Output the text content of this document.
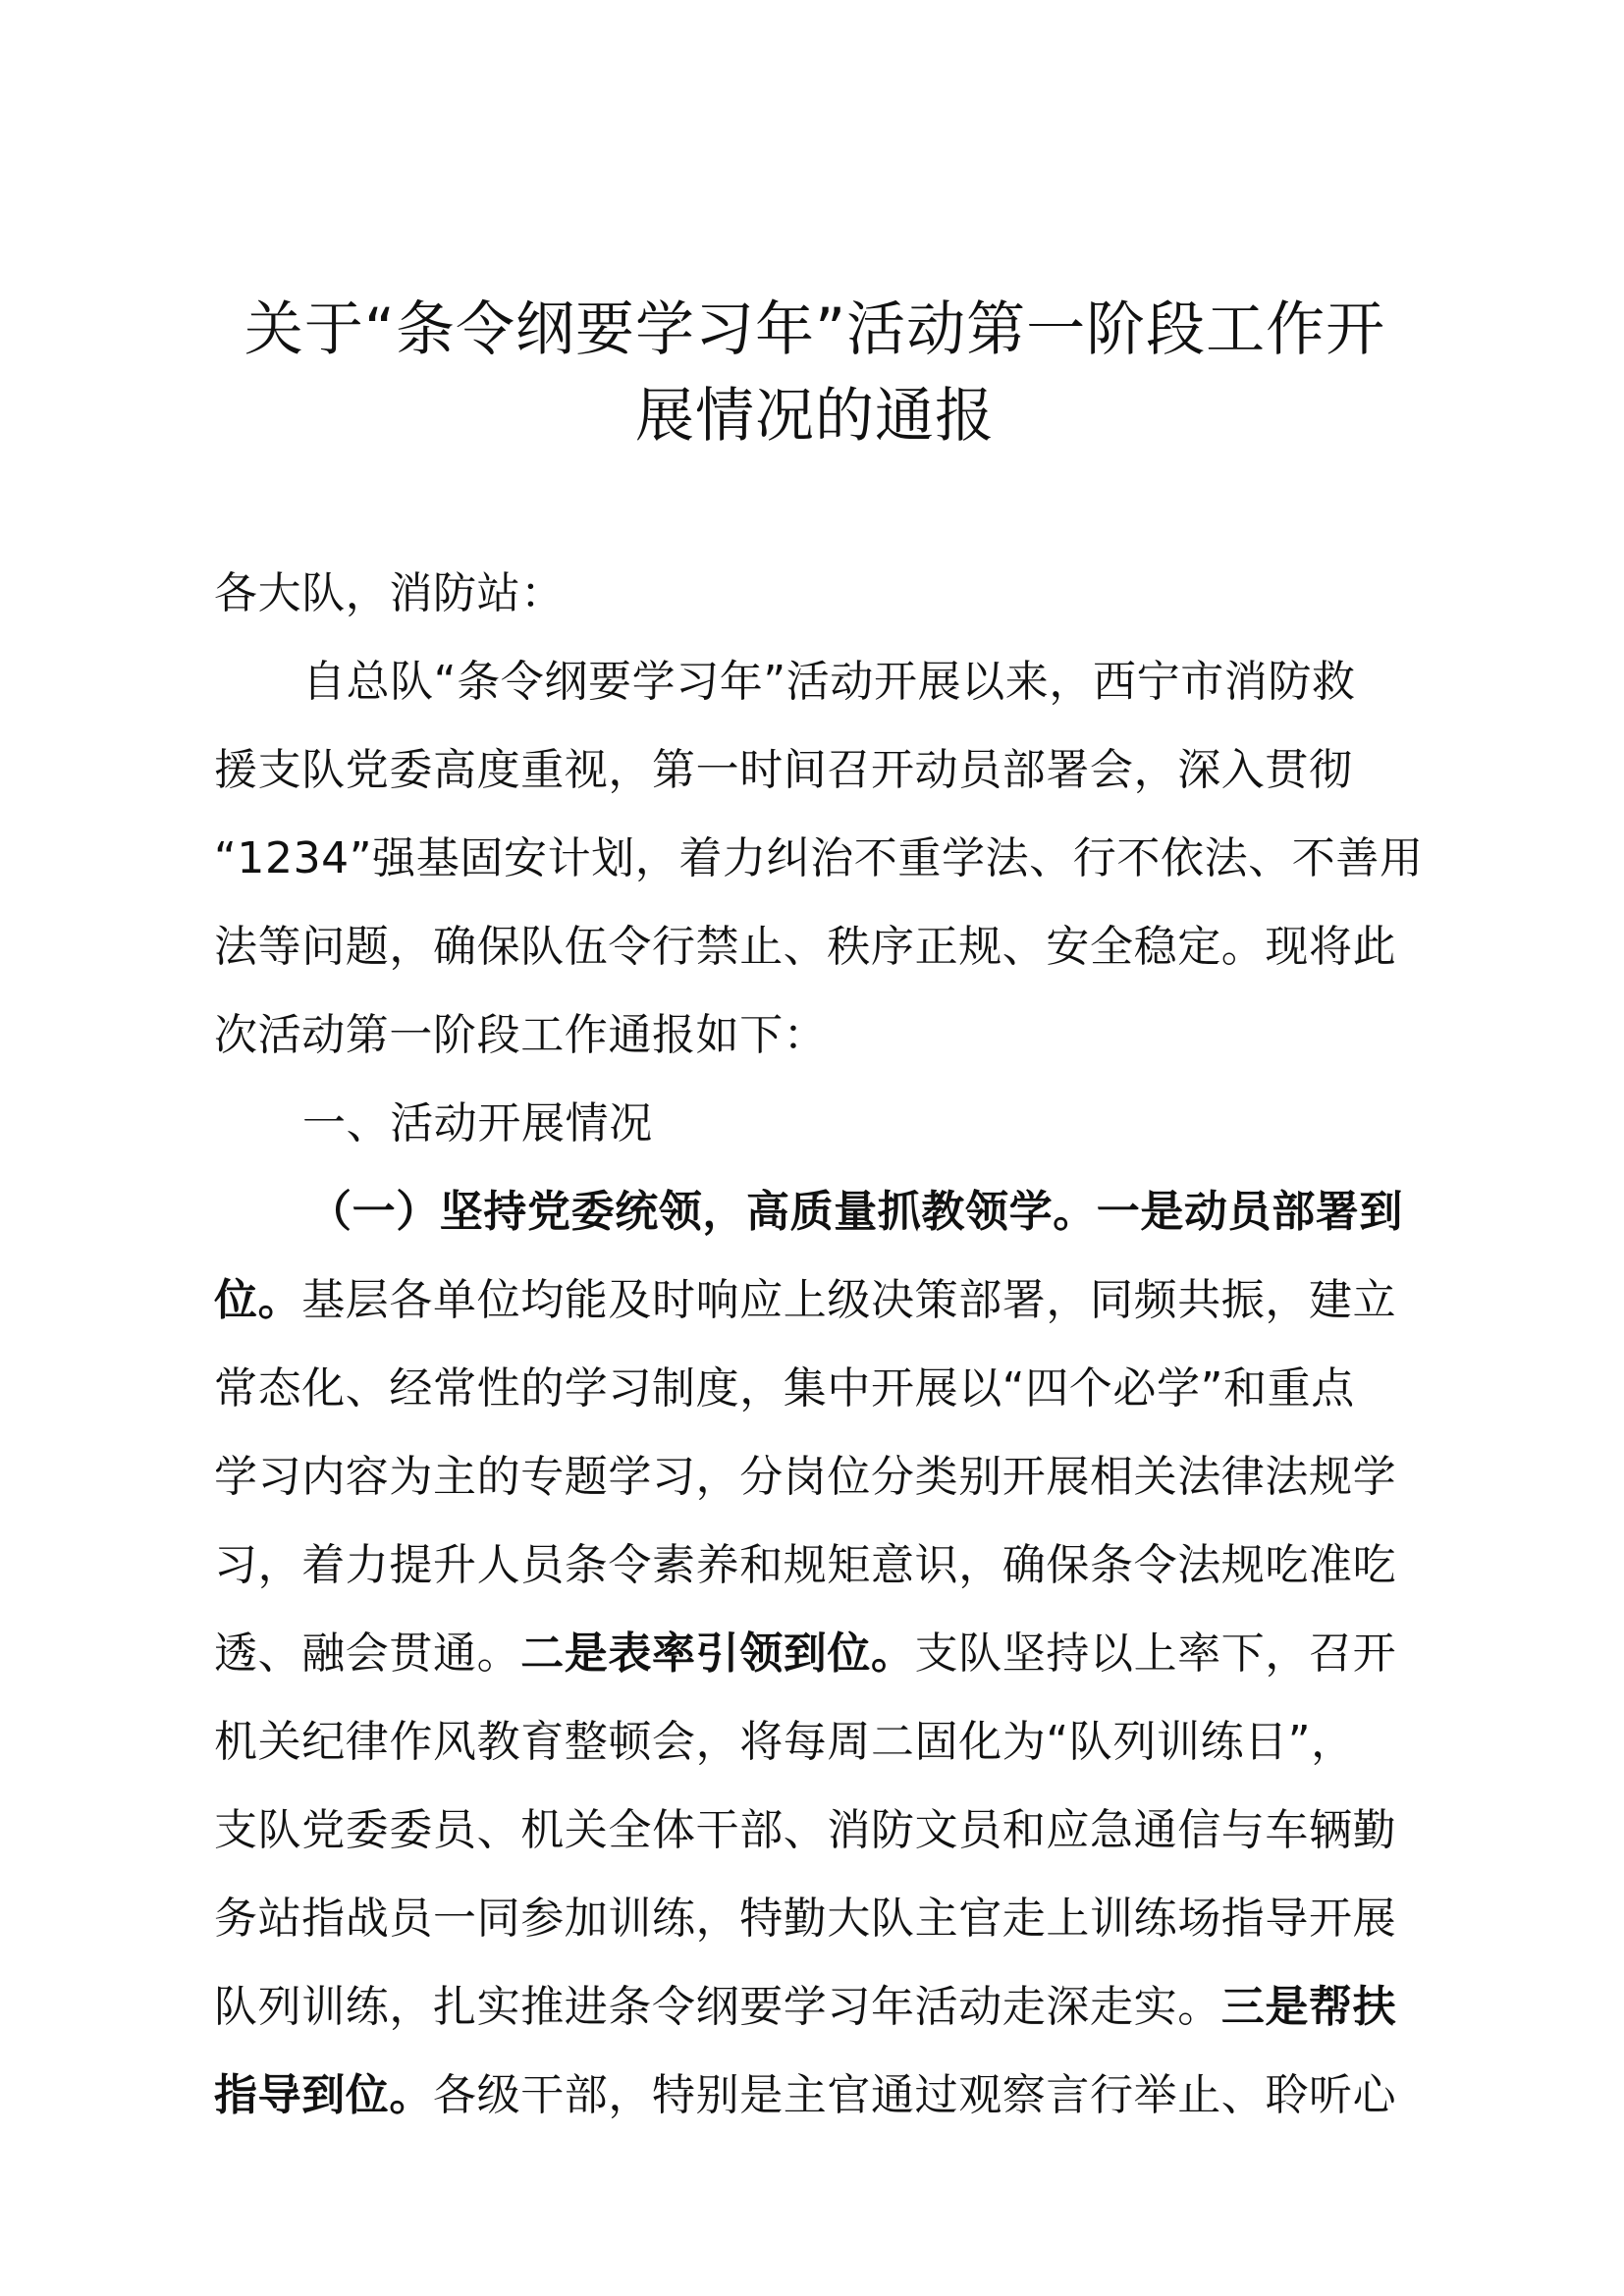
关于“条令纲要学习年”活动第一阶段工作开
展情况的通报
各大队，消防站：
自总队“条令纲要学习年”活动开展以来，西宁市消防救
援支队党委高度重视，第一时间召开动员部署会，深入贯彻
“1234”强基固安计划，着力纠治不重学法、行不依法、不善用
法等问题，确保队伍令行禁止、秩序正规、安全稳定。现将此
次活动第一阶段工作通报如下：
一、活动开展情况
（一）坚持党委统领，高质量抓教领学。一是动员部署到
位。基层各单位均能及时响应上级决策部署，同频共振，建立
常态化、经常性的学习制度，集中开展以“四个必学”和重点
学习内容为主的专题学习，分岗位分类别开展相关法律法规学
习，着力提升人员条令素养和规矩意识，确保条令法规吃准吃
透、融会贯通。二是表率引领到位。支队坚持以上率下，召开
机关纪律作风教育整顿会，将每周二固化为“队列训练日”，
支队党委委员、机关全体干部、消防文员和应急通信与车辆勤
务站指战员一同参加训练，特勤大队主官走上训练场指导开展
队列训练，扎实推进条令纲要学习年活动走深走实。三是帮扶
指导到位。各级干部，特别是主官通过观察言行举止、聆听心
